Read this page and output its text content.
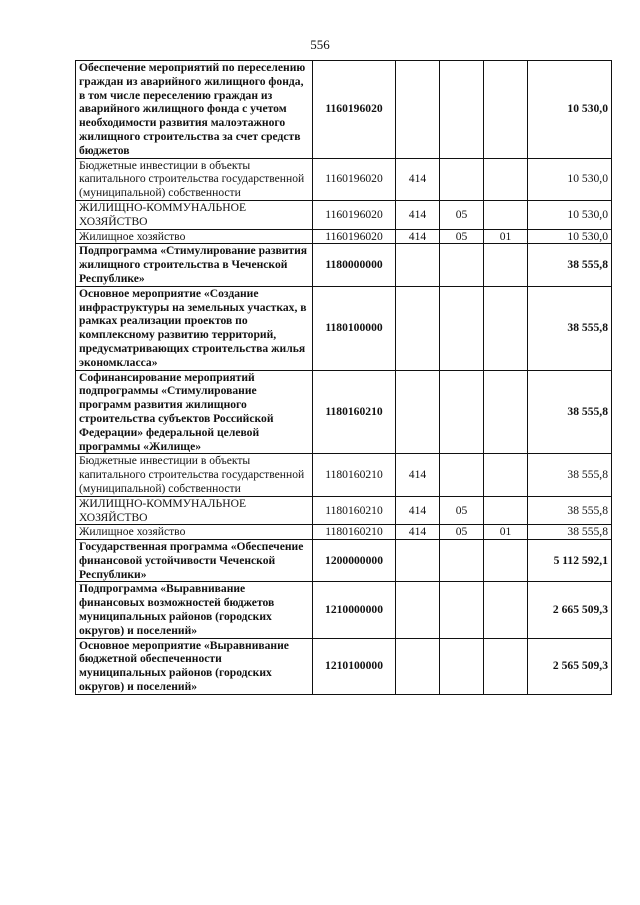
556
Обеспечение мероприятий по переселению граждан из аварийного жилищного фонда, в том числе переселению граждан из аварийного жилищного фонда с учетом необходимости развития малоэтажного жилищного строительства за счет средств бюджетов	1160196020				10 530,0
Бюджетные инвестиции в объекты капитального строительства государственной (муниципальной) собственности	1160196020	414			10 530,0
ЖИЛИЩНО-КОММУНАЛЬНОЕ ХОЗЯЙСТВО	1160196020	414	05		10 530,0
Жилищное хозяйство	1160196020	414	05	01	10 530,0
Подпрограмма «Стимулирование развития жилищного строительства в Чеченской Республике»	1180000000				38 555,8
Основное мероприятие «Создание инфраструктуры на земельных участках, в рамках реализации проектов по комплексному развитию территорий, предусматривающих строительства жилья экономкласса»	1180100000				38 555,8
Софинансирование мероприятий подпрограммы «Стимулирование программ развития жилищного строительства субъектов Российской Федерации» федеральной целевой программы «Жилище»	1180160210				38 555,8
Бюджетные инвестиции в объекты капитального строительства государственной (муниципальной) собственности	1180160210	414			38 555,8
ЖИЛИЩНО-КОММУНАЛЬНОЕ ХОЗЯЙСТВО	1180160210	414	05		38 555,8
Жилищное хозяйство	1180160210	414	05	01	38 555,8
Государственная программа «Обеспечение финансовой устойчивости Чеченской Республики»	1200000000				5 112 592,1
Подпрограмма «Выравнивание финансовых возможностей бюджетов муниципальных районов (городских округов) и поселений»	1210000000				2 665 509,3
Основное мероприятие «Выравнивание бюджетной обеспеченности муниципальных районов (городских округов) и поселений»	1210100000				2 565 509,3
